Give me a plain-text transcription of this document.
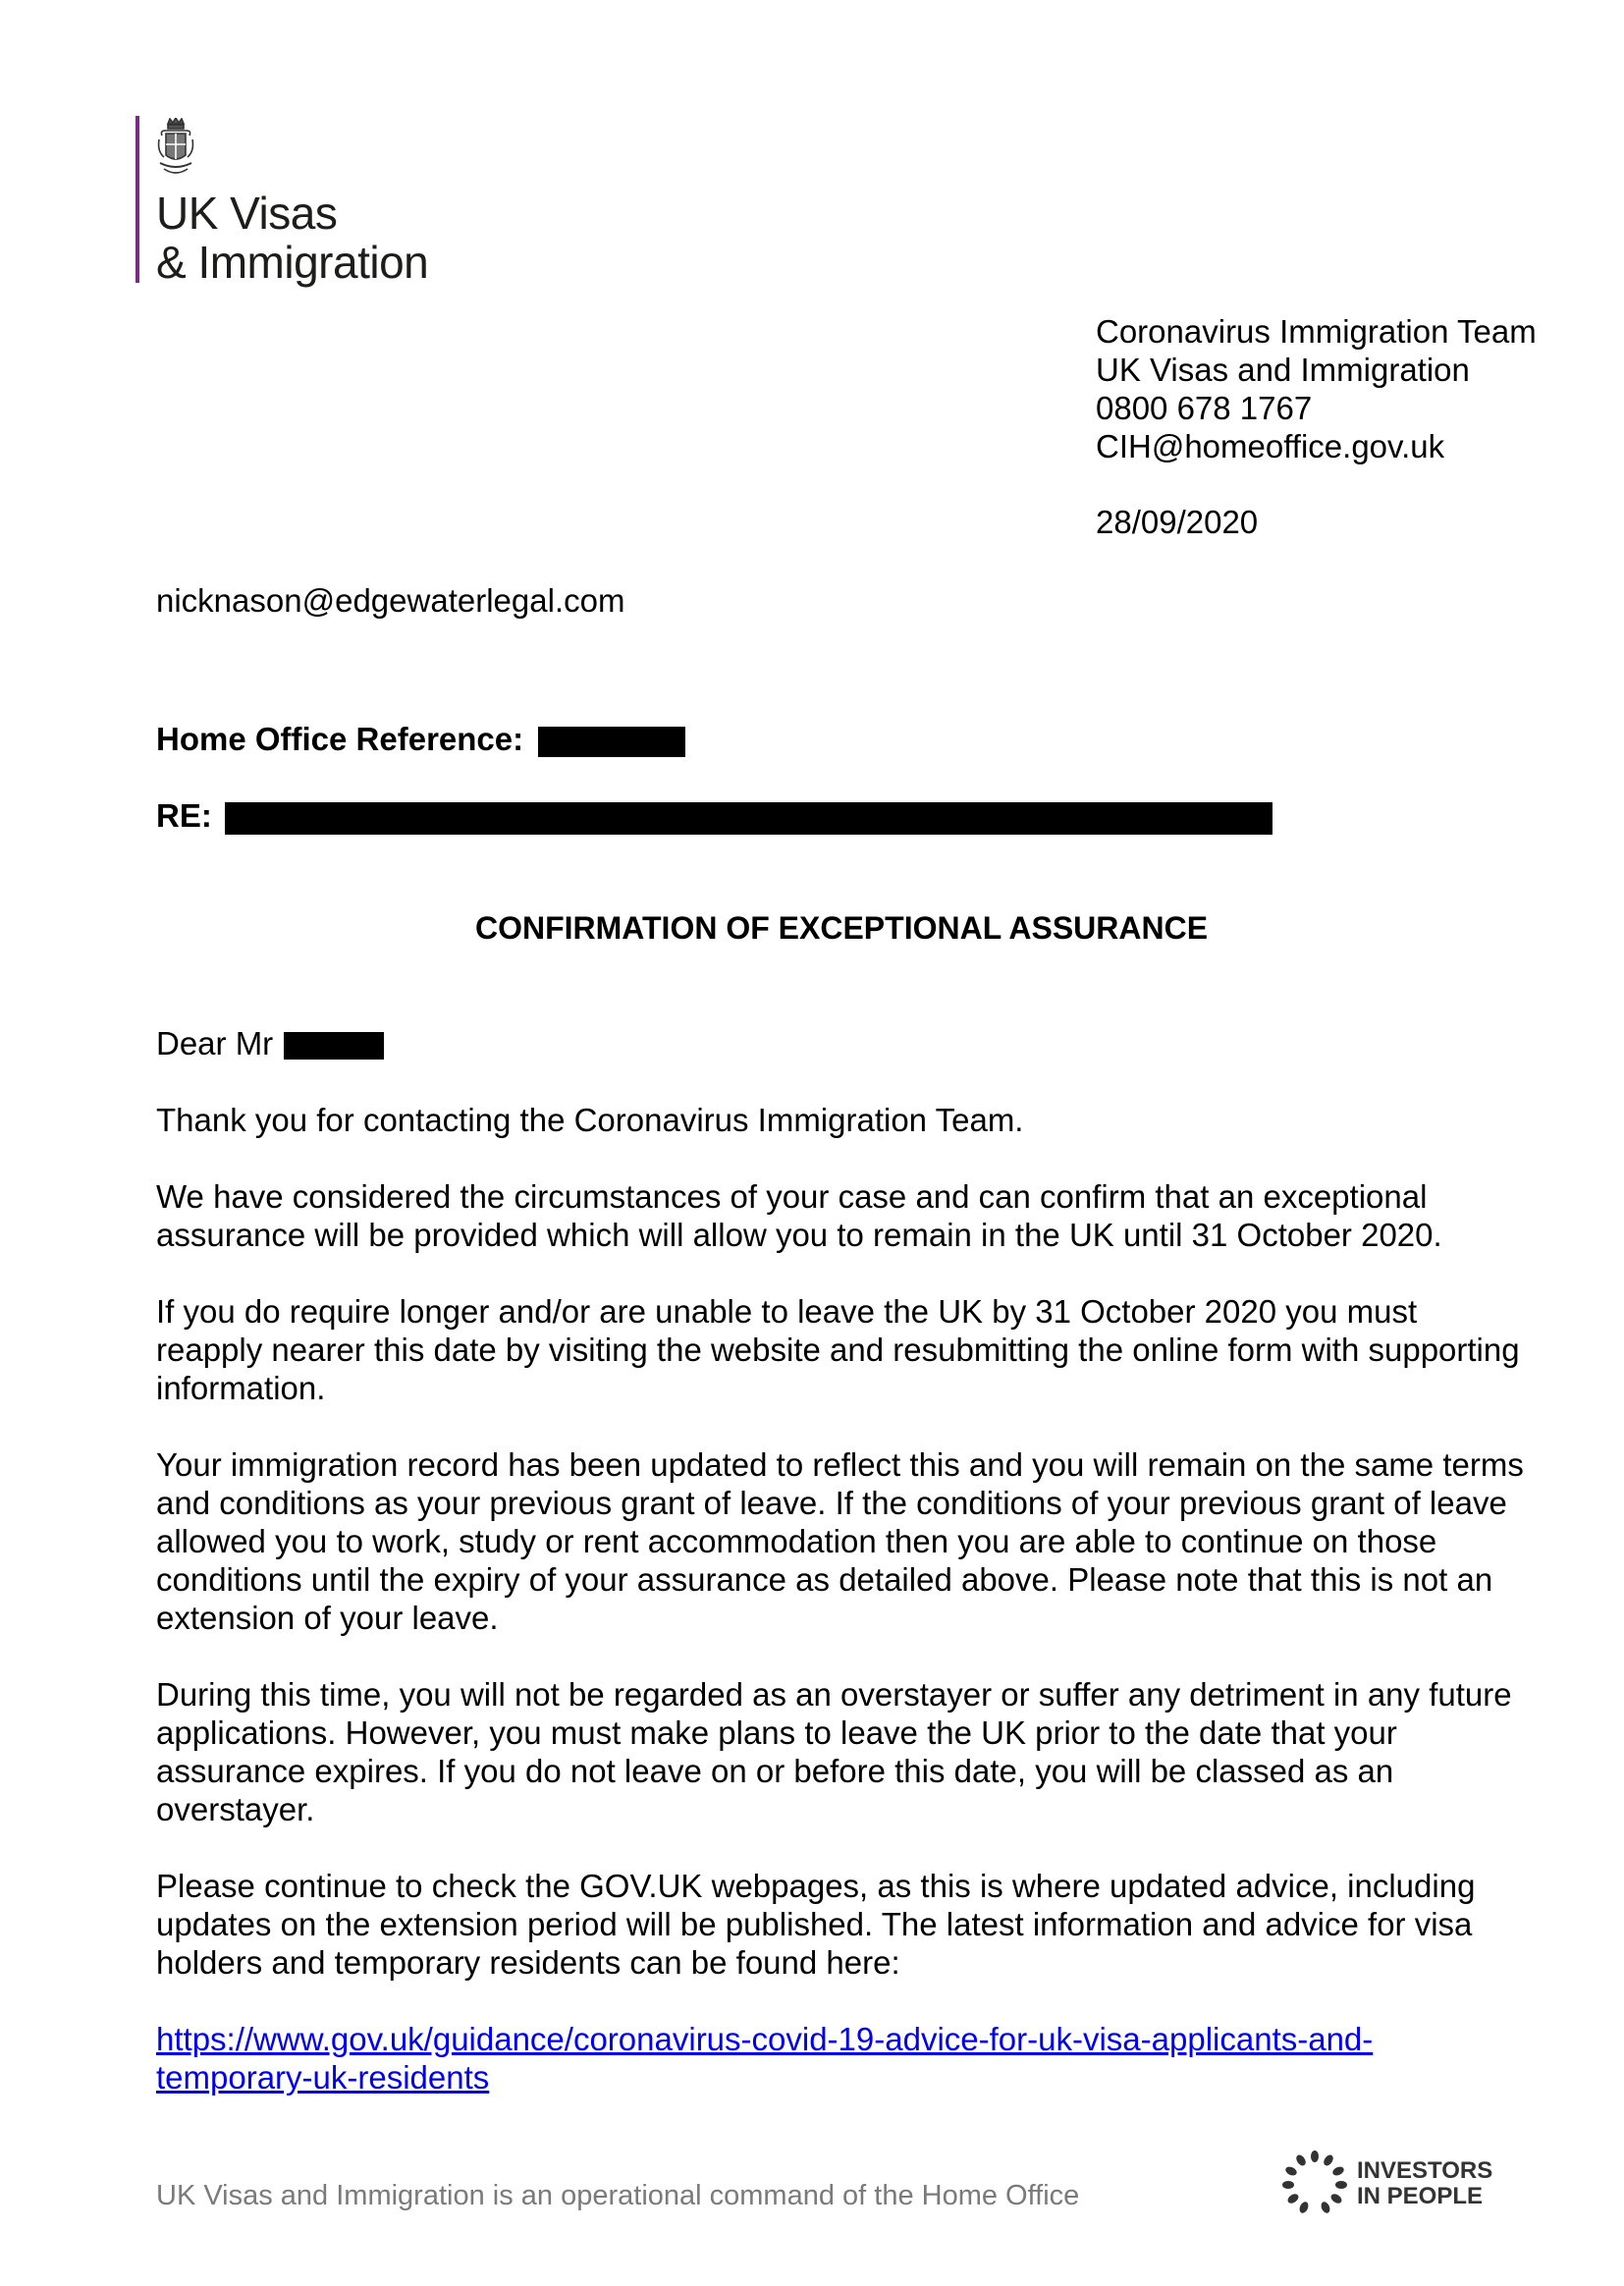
UK Visas
& Immigration
Coronavirus Immigration Team
UK Visas and Immigration
0800 678 1767
CIH@homeoffice.gov.uk
28/09/2020
nicknason@edgewaterlegal.com
Home Office Reference:
RE:
CONFIRMATION OF EXCEPTIONAL ASSURANCE

Dear Mr

Thank you for contacting the Coronavirus Immigration Team.

We have considered the circumstances of your case and can confirm that an exceptional assurance will be provided which will allow you to remain in the UK until 31 October 2020.

If you do require longer and/or are unable to leave the UK by 31 October 2020 you must reapply nearer this date by visiting the website and resubmitting the online form with supporting information.

Your immigration record has been updated to reflect this and you will remain on the same terms and conditions as your previous grant of leave. If the conditions of your previous grant of leave allowed you to work, study or rent accommodation then you are able to continue on those conditions until the expiry of your assurance as detailed above. Please note that this is not an extension of your leave.

During this time, you will not be regarded as an overstayer or suffer any detriment in any future applications. However, you must make plans to leave the UK prior to the date that your assurance expires. If you do not leave on or before this date, you will be classed as an overstayer.

Please continue to check the GOV.UK webpages, as this is where updated advice, including updates on the extension period will be published. The latest information and advice for visa holders and temporary residents can be found here:

https://www.gov.uk/guidance/coronavirus-covid-19-advice-for-uk-visa-applicants-and-
temporary-uk-residents

UK Visas and Immigration is an operational command of the Home Office
INVESTORS
IN PEOPLE
